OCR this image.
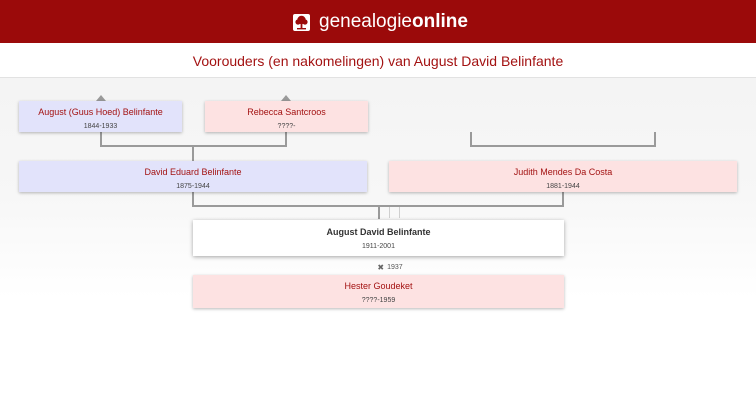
genealogie online
Voorouders (en nakomelingen) van August David Belinfante
August (Guus Hoed) Belinfante
1844-1933
Rebecca Santcroos
????-
David Eduard Belinfante
1875-1944
Judith Mendes Da Costa
1881-1944
August David Belinfante
1911-2001
✖ 1937
Hester Goudeket
????-1959
